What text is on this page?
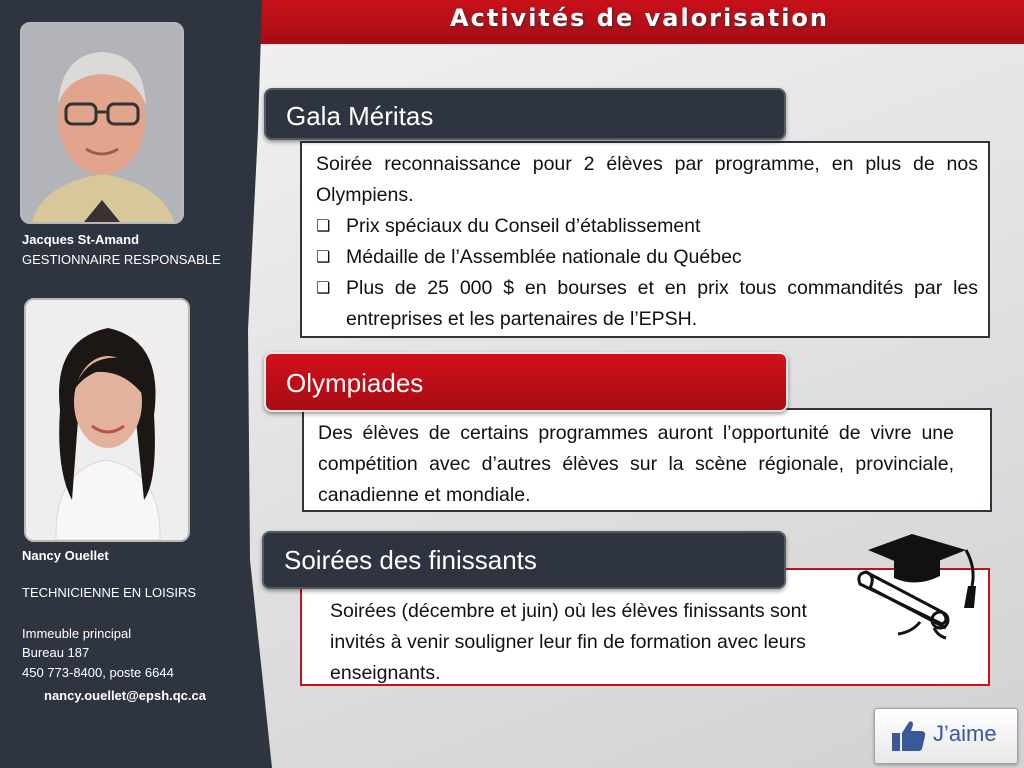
Activités de valorisation
Jacques St-Amand
GESTIONNAIRE RESPONSABLE
Nancy Ouellet
TECHNICIENNE EN LOISIRS
Immeuble principal
Bureau 187
450 773-8400, poste 6644
nancy.ouellet@epsh.qc.ca
Soirée reconnaissance pour 2 élèves par programme, en plus de nos Olympiens.
❏ Prix spéciaux du Conseil d’établissement
❏ Médaille de l’Assemblée nationale du Québec
❏ Plus de 25 000 $ en bourses et en prix tous commandités par les entreprises et les partenaires de l’EPSH.
Gala Méritas
Des élèves de certains programmes auront l’opportunité de vivre une compétition avec d’autres élèves sur la scène régionale, provinciale, canadienne et mondiale.
Olympiades
Soirées (décembre et juin) où les élèves finissants sont invités à venir souligner leur fin de formation avec leurs enseignants.
Soirées des finissants
J’aime
